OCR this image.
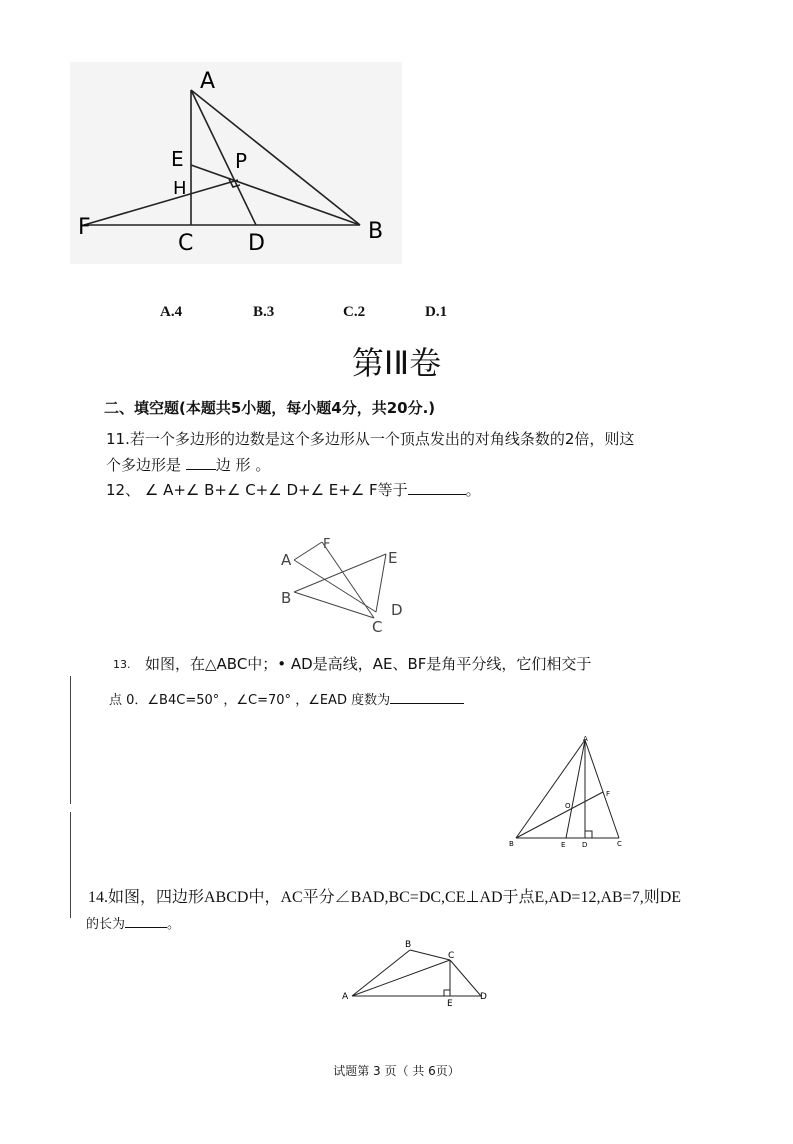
A
E	P
H
F
C D	B
A.4	B.3	C.2	D.1
第ⅠⅡ卷
二、填空题(本题共5小题，每小题4分，共20分.)
11.若一个多边形的边数是这个多边形从一个顶点发出的对角线条数的2倍，则这
个多边形是 边 形 。
12、 ∠ A+∠ B+∠ C+∠ D+∠ E+∠ F等于	。
A
F
E
B
D
C
13. 如图，在△ABC中；• AD是高线，AE、BF是角平分线，它们相交于
点 0．∠B4C=50° ，∠C=70° ，∠EAD 度数为
A
F
O
B	E D	C
14.如图，四边形ABCD中，AC平分∠BAD,BC=DC,CE⊥AD于点E,AD=12,AB=7,则DE
的长为	。
B
C
A
E
D
试题第 3 页（ 共 6页）
